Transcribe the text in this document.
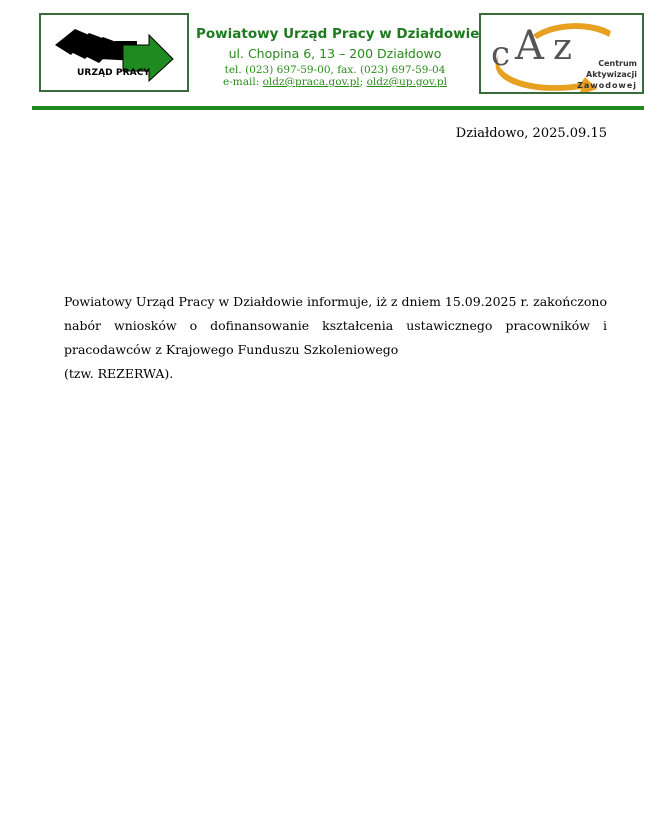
URZĄD PRACY
Powiatowy Urząd Pracy w Działdowie
ul. Chopina 6, 13 – 200 Działdowo
tel. (023) 697-59-00, fax. (023) 697-59-04
e-mail: oldz@praca.gov.pl; oldz@up.gov.pl
c A z	Centrum
Aktywizacji
Zawodowej
Działdowo, 2025.09.15

Powiatowy Urząd Pracy w Działdowie informuje, iż z dniem 15.09.2025 r. zakończono nabór wniosków o dofinansowanie kształcenia ustawicznego pracowników i pracodawców z Krajowego Funduszu Szkoleniowego

(tzw. REZERWA).
